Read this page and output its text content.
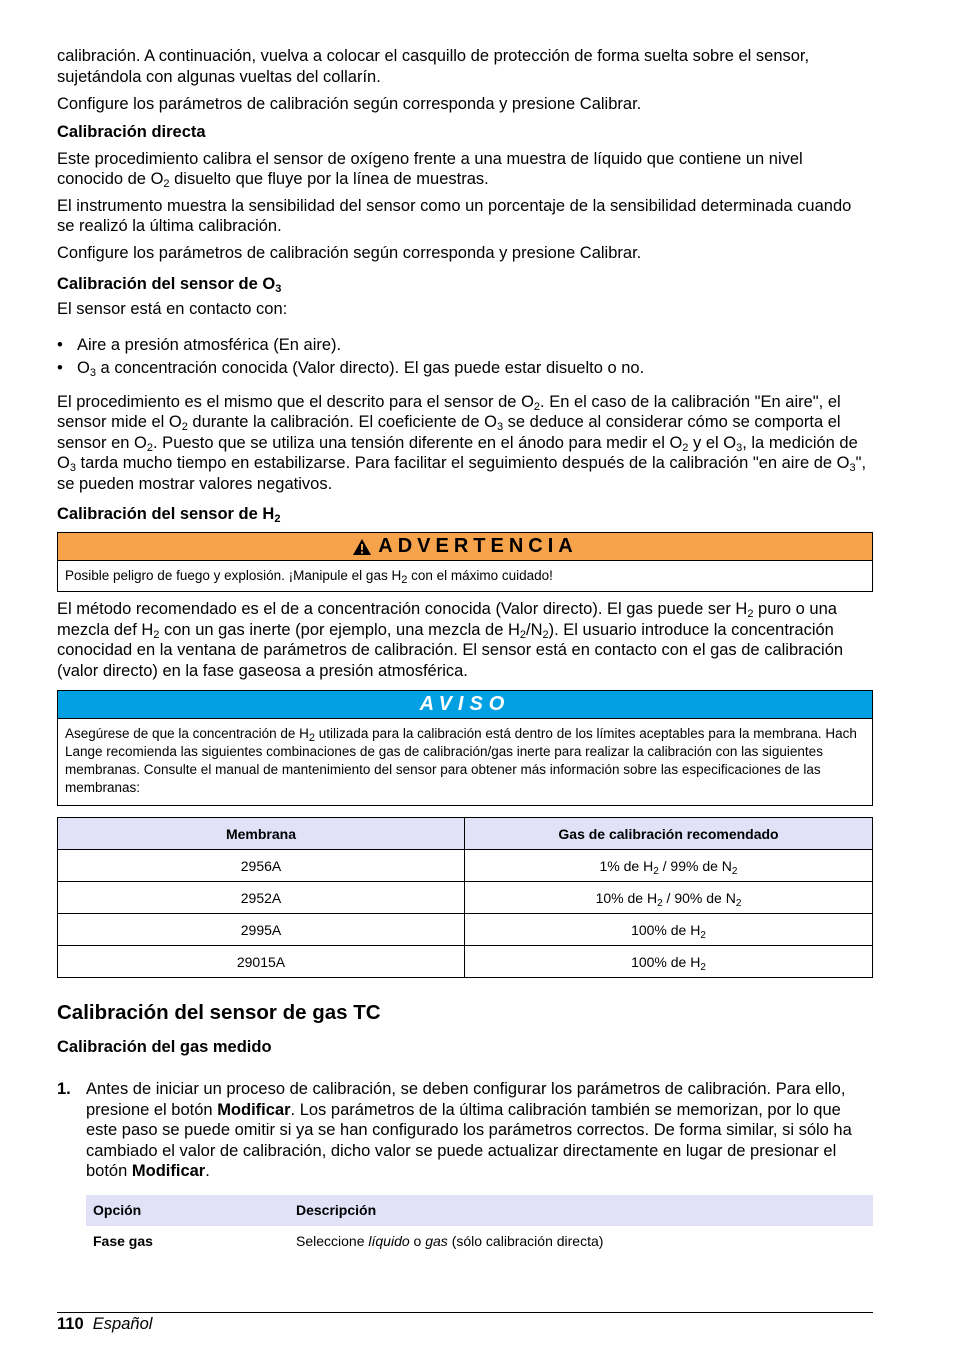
calibración. A continuación, vuelva a colocar el casquillo de protección de forma suelta sobre el sensor, sujetándola con algunas vueltas del collarín.

Configure los parámetros de calibración según corresponda y presione Calibrar.

Calibración directa

Este procedimiento calibra el sensor de oxígeno frente a una muestra de líquido que contiene un nivel conocido de $O_2$ disuelto que fluye por la línea de muestras.

El instrumento muestra la sensibilidad del sensor como un porcentaje de la sensibilidad determinada cuando se realizó la última calibración.

Configure los parámetros de calibración según corresponda y presione Calibrar.

Calibración del sensor de $O_3$

El sensor está en contacto con:

• Aire a presión atmosférica (En aire).
• $O_3$ a concentración conocida (Valor directo). El gas puede estar disuelto o no.

El procedimiento es el mismo que el descrito para el sensor de $O_2$. En el caso de la calibración "En aire", el sensor mide el $O_2$ durante la calibración. El coeficiente de $O_3$ se deduce al considerar cómo se comporta el sensor en $O_2$. Puesto que se utiliza una tensión diferente en el ánodo para medir el $O_2$ y el $O_3$, la medición de $O_3$ tarda mucho tiempo en estabilizarse. Para facilitar el seguimiento después de la calibración "en aire de $O_3$", se pueden mostrar valores negativos.

Calibración del sensor de $H_2$
ADVERTENCIA
Posible peligro de fuego y explosión. ¡Manipule el gas $H_2$ con el máximo cuidado!

El método recomendado es el de a concentración conocida (Valor directo). El gas puede ser $H_2$ puro o una mezcla def $H_2$ con un gas inerte (por ejemplo, una mezcla de $H_2/N_2$). El usuario introduce la concentración conocidad en la ventana de parámetros de calibración. El sensor está en contacto con el gas de calibración (valor directo) en la fase gaseosa a presión atmosférica.

AVISO
Asegúrese de que la concentración de $H_2$ utilizada para la calibración está dentro de los límites aceptables para la membrana. Hach Lange recomienda las siguientes combinaciones de gas de calibración/gas inerte para realizar la calibración con las siguientes membranas. Consulte el manual de mantenimiento del sensor para obtener más información sobre las especificaciones de las membranas:
Membrana	Gas de calibración recomendado
2956A	1% de $H_2 / 99\%$ de $N_2$
2952A	10% de $H_2 / 90\%$ de $N_2$
2995A	100% de $H_2$
29015A	100% de $H_2$
Calibración del sensor de gas TC
Calibración del gas medido
1. Antes de iniciar un proceso de calibración, se deben configurar los parámetros de calibración. Para ello, presione el botón Modificar. Los parámetros de la última calibración también se memorizan, por lo que este paso se puede omitir si ya se han configurado los parámetros correctos. De forma similar, si sólo ha cambiado el valor de calibración, dicho valor se puede actualizar directamente en lugar de presionar el botón Modificar.
Opción	Descripción
Fase gas	Seleccione líquido o gas (sólo calibración directa)
110 Español
